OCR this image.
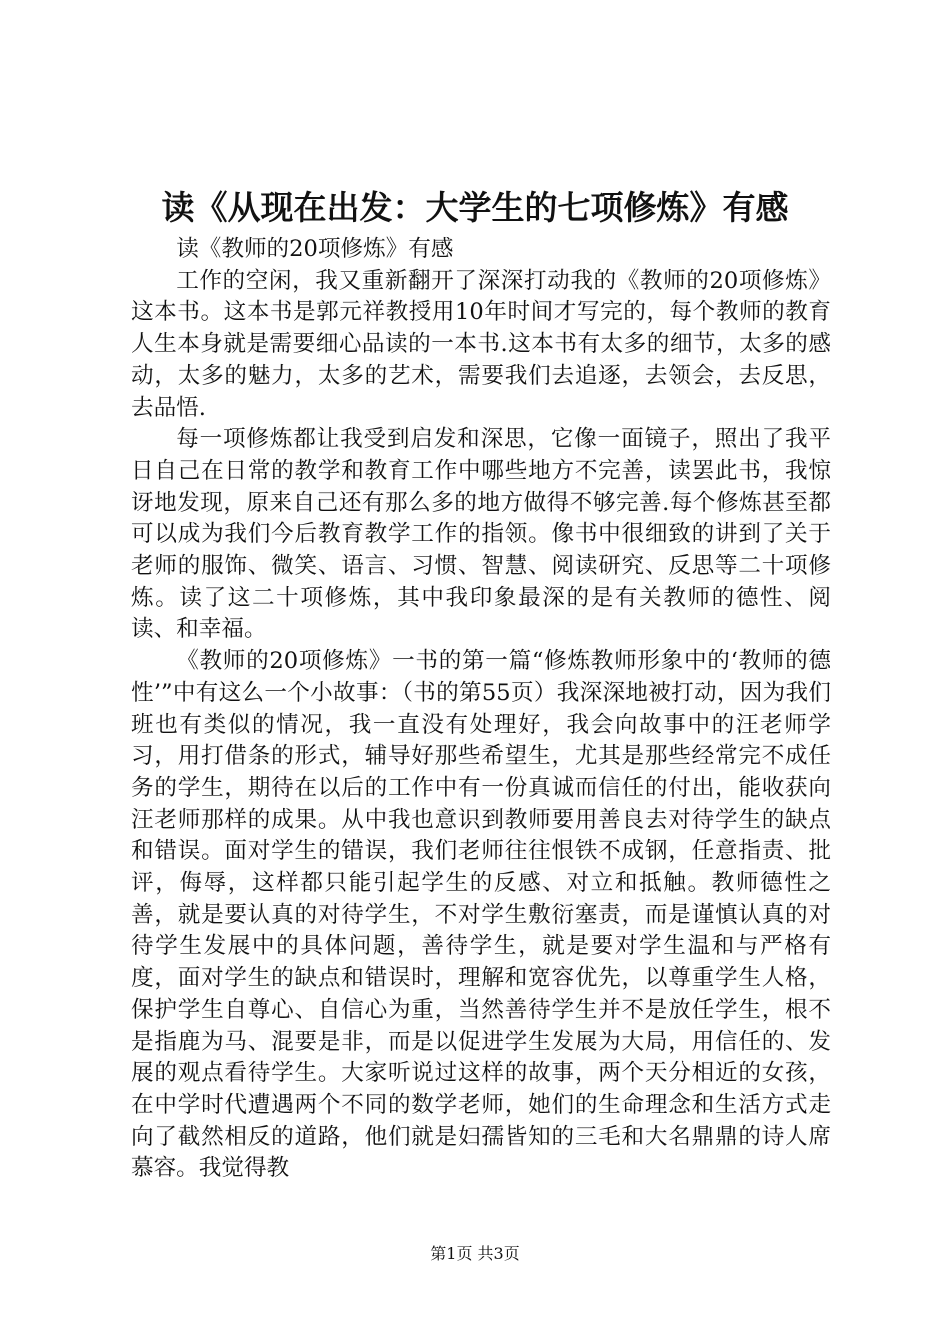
读《从现在出发：大学生的七项修炼》有感

读《教师的20项修炼》有感

工作的空闲，我又重新翻开了深深打动我的《教师的20项修炼》这本书。这本书是郭元祥教授用10年时间才写完的，每个教师的教育人生本身就是需要细心品读的一本书.这本书有太多的细节，太多的感动，太多的魅力，太多的艺术，需要我们去追逐，去领会，去反思，去品悟.

每一项修炼都让我受到启发和深思，它像一面镜子，照出了我平日自己在日常的教学和教育工作中哪些地方不完善，读罢此书，我惊讶地发现，原来自己还有那么多的地方做得不够完善.每个修炼甚至都可以成为我们今后教育教学工作的指领。像书中很细致的讲到了关于老师的服饰、微笑、语言、习惯、智慧、阅读研究、反思等二十项修炼。读了这二十项修炼，其中我印象最深的是有关教师的德性、阅读、和幸福。

《教师的20项修炼》一书的第一篇“修炼教师形象中的‘教师的德性’”中有这么一个小故事：（书的第55页）我深深地被打动，因为我们班也有类似的情况，我一直没有处理好，我会向故事中的汪老师学习，用打借条的形式，辅导好那些希望生，尤其是那些经常完不成任务的学生，期待在以后的工作中有一份真诚而信任的付出，能收获向汪老师那样的成果。从中我也意识到教师要用善良去对待学生的缺点和错误。面对学生的错误，我们老师往往恨铁不成钢，任意指责、批评，侮辱，这样都只能引起学生的反感、对立和抵触。教师德性之善，就是要认真的对待学生，不对学生敷衍塞责，而是谨慎认真的对待学生发展中的具体问题，善待学生，就是要对学生温和与严格有度，面对学生的缺点和错误时，理解和宽容优先，以尊重学生人格，保护学生自尊心、自信心为重，当然善待学生并不是放任学生，根不是指鹿为马、混要是非，而是以促进学生发展为大局，用信任的、发展的观点看待学生。大家听说过这样的故事，两个天分相近的女孩，在中学时代遭遇两个不同的数学老师，她们的生命理念和生活方式走向了截然相反的道路，他们就是妇孺皆知的三毛和大名鼎鼎的诗人席慕容。我觉得教

第1页 共3页
